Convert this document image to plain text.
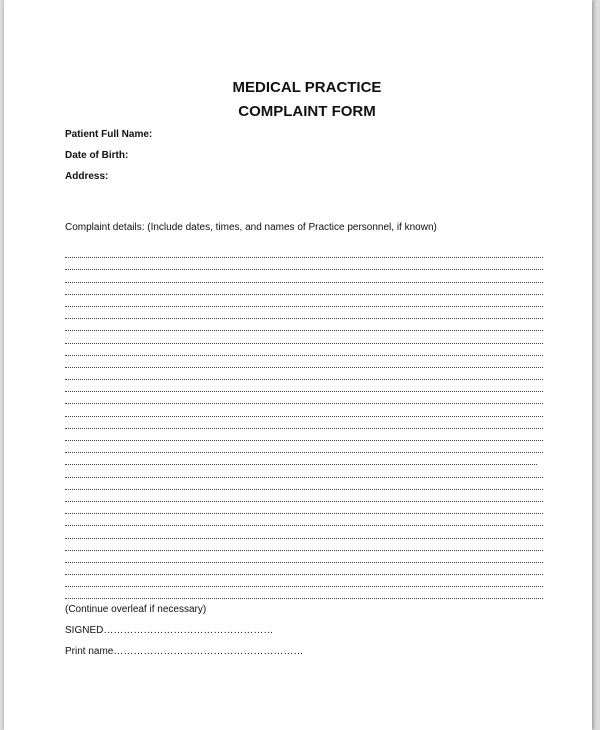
MEDICAL PRACTICE
COMPLAINT FORM
Patient Full Name:
Date of Birth:
Address:
Complaint details: (Include dates, times, and names of Practice personnel, if known)
(Continue overleaf if necessary)
SIGNED……………………………………………
Print name…………………………………………………
